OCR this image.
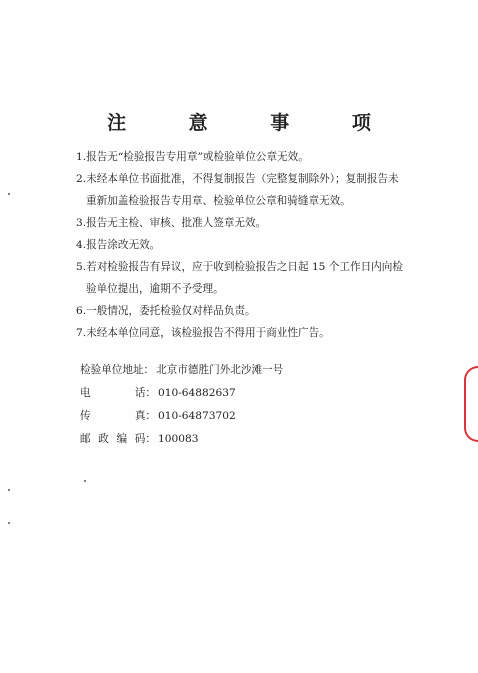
注 意 事 项
1.报告无“检验报告专用章”或检验单位公章无效。
2.未经本单位书面批准，不得复制报告（完整复制除外）；复制报告未
重新加盖检验报告专用章、检验单位公章和骑缝章无效。
3.报告无主检、审核、批准人签章无效。
4.报告涂改无效。
5.若对检验报告有异议，应于收到检验报告之日起 15 个工作日内向检
验单位提出，逾期不予受理。
6.一般情况，委托检验仅对样品负责。
7.未经本单位同意，该检验报告不得用于商业性广告。
检验单位地址： 北京市德胜门外北沙滩一号
电	话： 010-64882637
传	真： 010-64873702
邮 政 编 码： 100083
